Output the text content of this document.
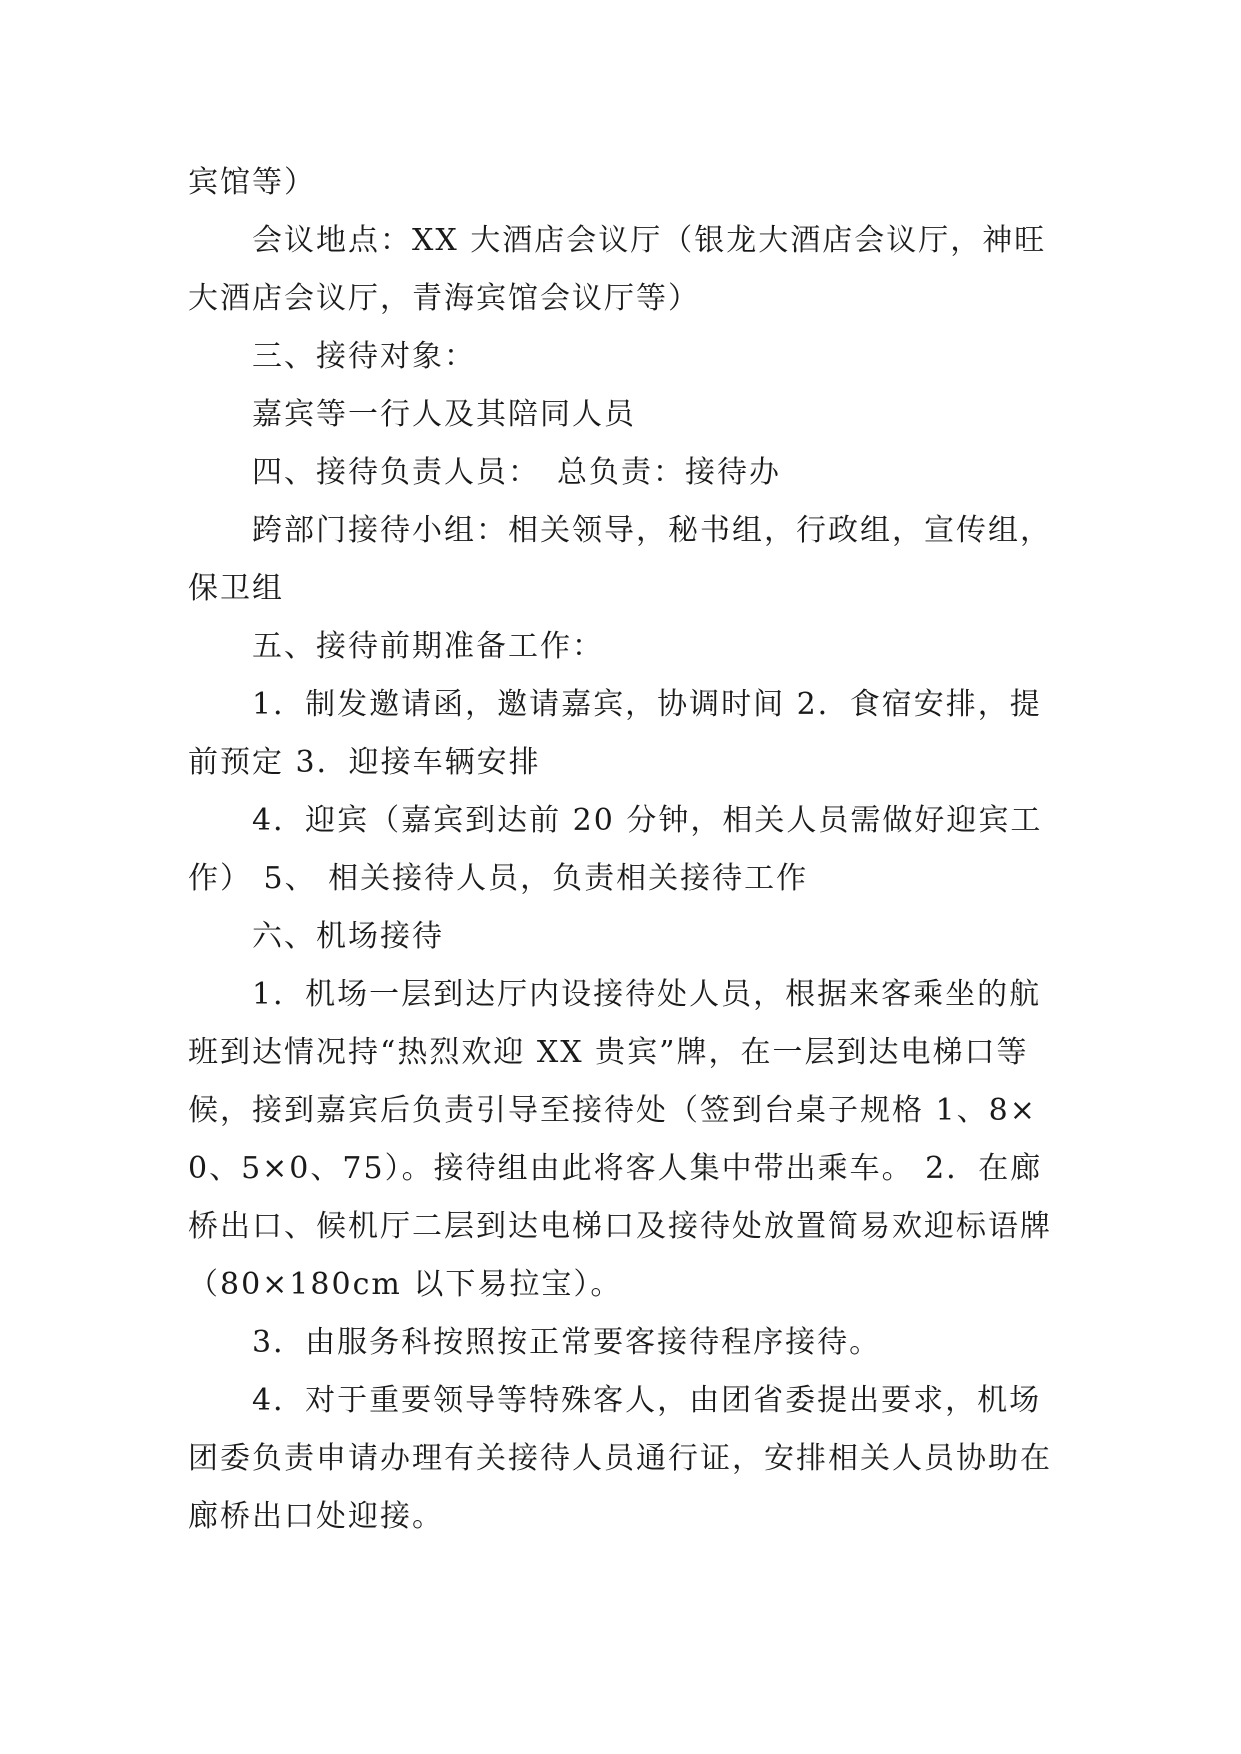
宾馆等）

会议地点：XX 大酒店会议厅（银龙大酒店会议厅，神旺大酒店会议厅，青海宾馆会议厅等）

三、接待对象：

嘉宾等一行人及其陪同人员

四、接待负责人员：　总负责：接待办

跨部门接待小组：相关领导，秘书组，行政组，宣传组，保卫组

五、接待前期准备工作：

1．制发邀请函，邀请嘉宾，协调时间 2．食宿安排，提前预定 3．迎接车辆安排

4．迎宾（嘉宾到达前 20 分钟，相关人员需做好迎宾工作） 5、 相关接待人员，负责相关接待工作

六、机场接待

1．机场一层到达厅内设接待处人员，根据来客乘坐的航班到达情况持“热烈欢迎 XX 贵宾”牌，在一层到达电梯口等候，接到嘉宾后负责引导至接待处（签到台桌子规格 1、8×0、5×0、75）。接待组由此将客人集中带出乘车。 2．在廊桥出口、候机厅二层到达电梯口及接待处放置简易欢迎标语牌（80×180cm 以下易拉宝）。

3．由服务科按照按正常要客接待程序接待。

4．对于重要领导等特殊客人，由团省委提出要求，机场团委负责申请办理有关接待人员通行证，安排相关人员协助在廊桥出口处迎接。
